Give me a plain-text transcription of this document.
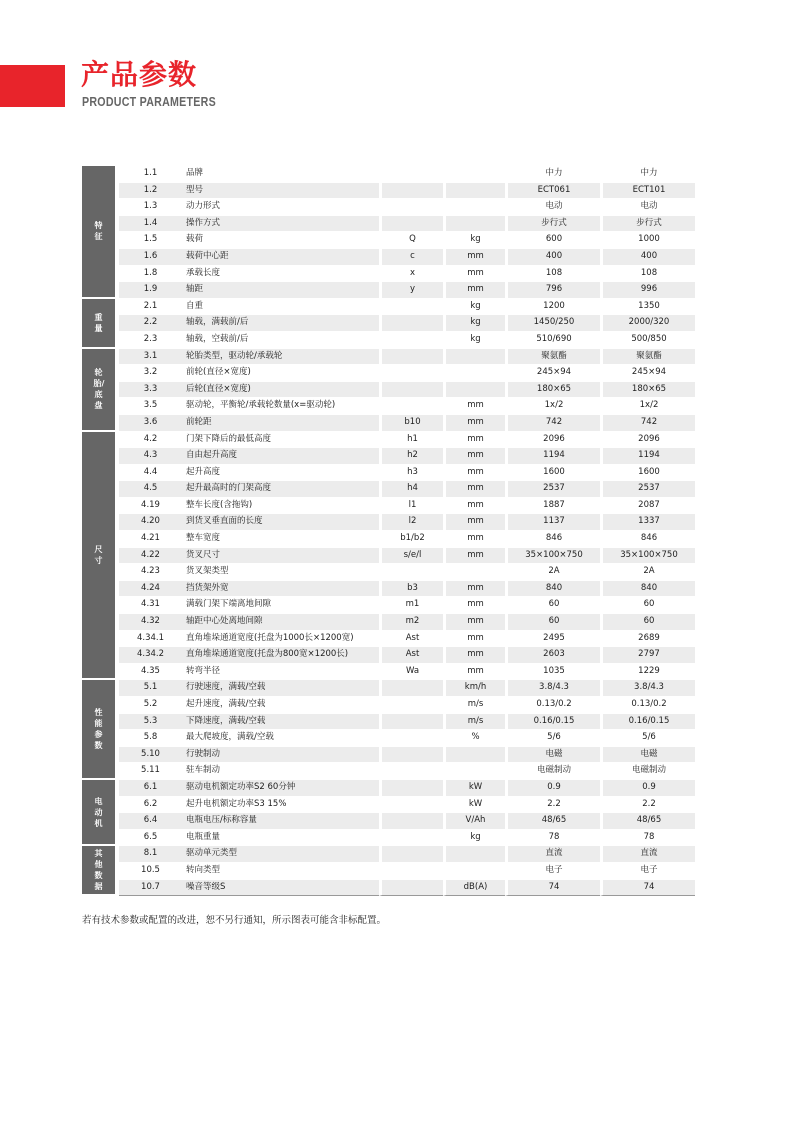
产品参数
PRODUCT PARAMETERS
特征	1.1	品牌			中力	中力
	1.2	型号			ECT061	ECT101
	1.3	动力形式			电动	电动
	1.4	操作方式			步行式	步行式
	1.5	载荷	Q	kg	600	1000
	1.6	载荷中心距	c	mm	400	400
	1.8	承载长度	x	mm	108	108
	1.9	轴距	y	mm	796	996
重量	2.1	自重		kg	1200	1350
	2.2	轴载，满载前/后		kg	1450/250	2000/320
	2.3	轴载，空载前/后		kg	510/690	500/850
轮胎/底盘	3.1	轮胎类型，驱动轮/承载轮			聚氨酯	聚氨酯
	3.2	前轮(直径×宽度)			245×94	245×94
	3.3	后轮(直径×宽度)			180×65	180×65
	3.5	驱动轮，平衡轮/承载轮数量(x=驱动轮)		mm	1x/2	1x/2
	3.6	前轮距	b10	mm	742	742
尺寸	4.2	门架下降后的最低高度	h1	mm	2096	2096
	4.3	自由起升高度	h2	mm	1194	1194
	4.4	起升高度	h3	mm	1600	1600
	4.5	起升最高时的门架高度	h4	mm	2537	2537
	4.19	整车长度(含拖钩)	l1	mm	1887	2087
	4.20	到货叉垂直面的长度	l2	mm	1137	1337
	4.21	整车宽度	b1/b2	mm	846	846
	4.22	货叉尺寸	s/e/l	mm	35×100×750	35×100×750
	4.23	货叉架类型			2A	2A
	4.24	挡货架外宽	b3	mm	840	840
	4.31	满载门架下端离地间隙	m1	mm	60	60
	4.32	轴距中心处离地间隙	m2	mm	60	60
	4.34.1	直角堆垛通道宽度(托盘为1000长×1200宽)	Ast	mm	2495	2689
	4.34.2	直角堆垛通道宽度(托盘为800宽×1200长)	Ast	mm	2603	2797
	4.35	转弯半径	Wa	mm	1035	1229
性能参数	5.1	行驶速度，满载/空载		km/h	3.8/4.3	3.8/4.3
	5.2	起升速度，满载/空载		m/s	0.13/0.2	0.13/0.2
	5.3	下降速度，满载/空载		m/s	0.16/0.15	0.16/0.15
	5.8	最大爬坡度，满载/空载		%	5/6	5/6
	5.10	行驶制动			电磁	电磁
	5.11	驻车制动			电磁制动	电磁制动
电动机	6.1	驱动电机额定功率S2 60分钟		kW	0.9	0.9
	6.2	起升电机额定功率S3 15%		kW	2.2	2.2
	6.4	电瓶电压/标称容量		V/Ah	48/65	48/65
	6.5	电瓶重量		kg	78	78
其他数据	8.1	驱动单元类型			直流	直流
	10.5	转向类型			电子	电子
	10.7	噪音等级S		dB(A)	74	74

若有技术参数或配置的改进，恕不另行通知，所示图表可能含非标配置。
